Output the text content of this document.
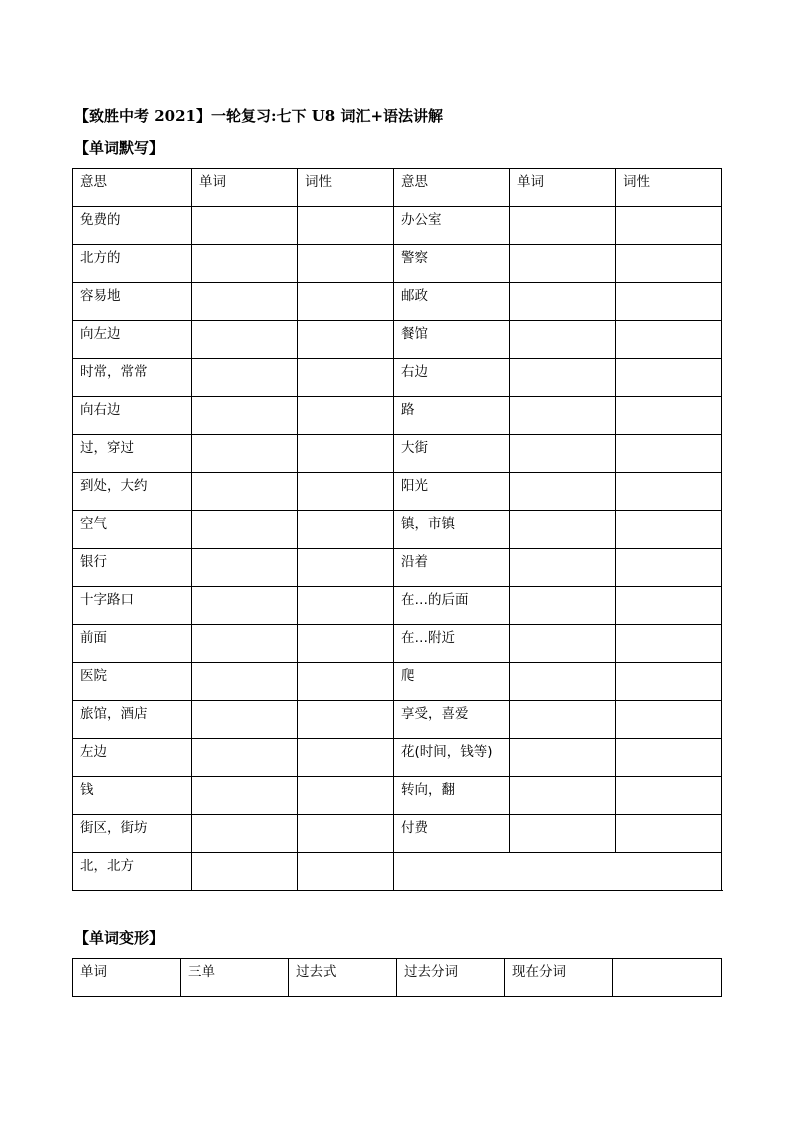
【致胜中考 2021】一轮复习:七下 U8 词汇+语法讲解
【单词默写】
意思	单词	词性	意思	单词	词性
免费的			办公室		
北方的			警察		
容易地			邮政		
向左边			餐馆		
时常，常常			右边		
向右边			路		
过，穿过			大街		
到处，大约			阳光		
空气			镇，市镇		
银行			沿着		
十字路口			在…的后面		
前面			在…附近		
医院			爬		
旅馆，酒店			享受，喜爱		
左边			花(时间，钱等)		
钱			转向，翻		
街区，街坊			付费		
北，北方					
【单词变形】
单词	三单	过去式	过去分词	现在分词	
